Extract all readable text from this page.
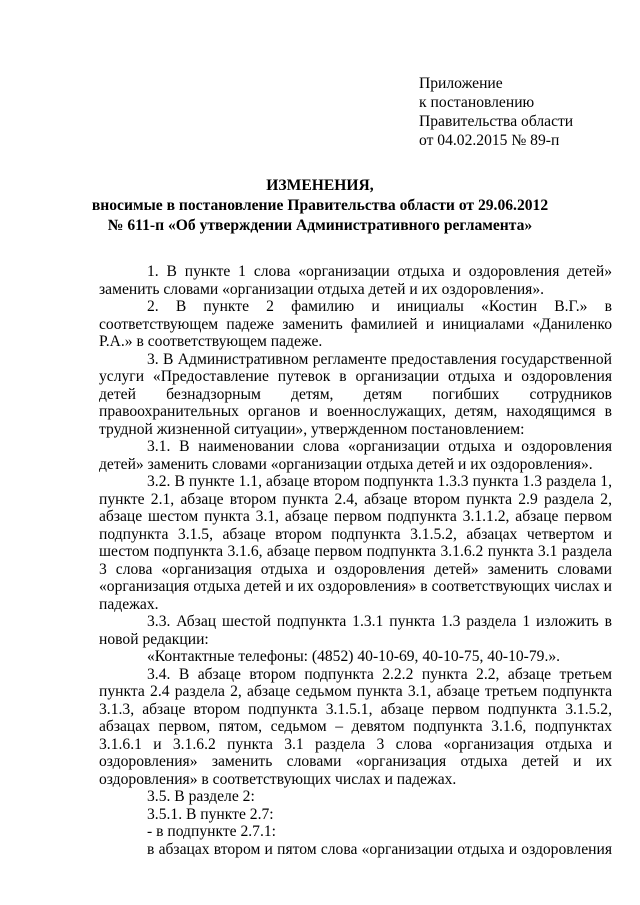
Приложение
к постановлению
Правительства области
от 04.02.2015 № 89-п
ИЗМЕНЕНИЯ,
вносимые в постановление Правительства области от 29.06.2012
№ 611-п «Об утверждении Административного регламента»

1. В пункте 1 слова «организации отдыха и оздоровления детей» заменить словами «организации отдыха детей и их оздоровления».

2. В пункте 2 фамилию и инициалы «Костин В.Г.» в соответствующем падеже заменить фамилией и инициалами «Даниленко Р.А.» в соответствующем падеже.

3. В Административном регламенте предоставления государственной услуги «Предоставление путевок в организации отдыха и оздоровления детей безнадзорным детям, детям погибших сотрудников правоохранительных органов и военнослужащих, детям, находящимся в трудной жизненной ситуации», утвержденном постановлением:

3.1. В наименовании слова «организации отдыха и оздоровления детей» заменить словами «организации отдыха детей и их оздоровления».

3.2. В пункте 1.1, абзаце втором подпункта 1.3.3 пункта 1.3 раздела 1, пункте 2.1, абзаце втором пункта 2.4, абзаце втором пункта 2.9 раздела 2, абзаце шестом пункта 3.1, абзаце первом подпункта 3.1.1.2, абзаце первом подпункта 3.1.5, абзаце втором подпункта 3.1.5.2, абзацах четвертом и шестом подпункта 3.1.6, абзаце первом подпункта 3.1.6.2 пункта 3.1 раздела 3 слова «организация отдыха и оздоровления детей» заменить словами «организация отдыха детей и их оздоровления» в соответствующих числах и падежах.

3.3. Абзац шестой подпункта 1.3.1 пункта 1.3 раздела 1 изложить в новой редакции:

«Контактные телефоны: (4852) 40-10-69, 40-10-75, 40-10-79.».

3.4. В абзаце втором подпункта 2.2.2 пункта 2.2, абзаце третьем пункта 2.4 раздела 2, абзаце седьмом пункта 3.1, абзаце третьем подпункта 3.1.3, абзаце втором подпункта 3.1.5.1, абзаце первом подпункта 3.1.5.2, абзацах первом, пятом, седьмом – девятом подпункта 3.1.6, подпунктах 3.1.6.1 и 3.1.6.2 пункта 3.1 раздела 3 слова «организация отдыха и оздоровления» заменить словами «организация отдыха детей и их оздоровления» в соответствующих числах и падежах.

3.5. В разделе 2:

3.5.1. В пункте 2.7:

- в подпункте 2.7.1:

в абзацах втором и пятом слова «организации отдыха и оздоровления
